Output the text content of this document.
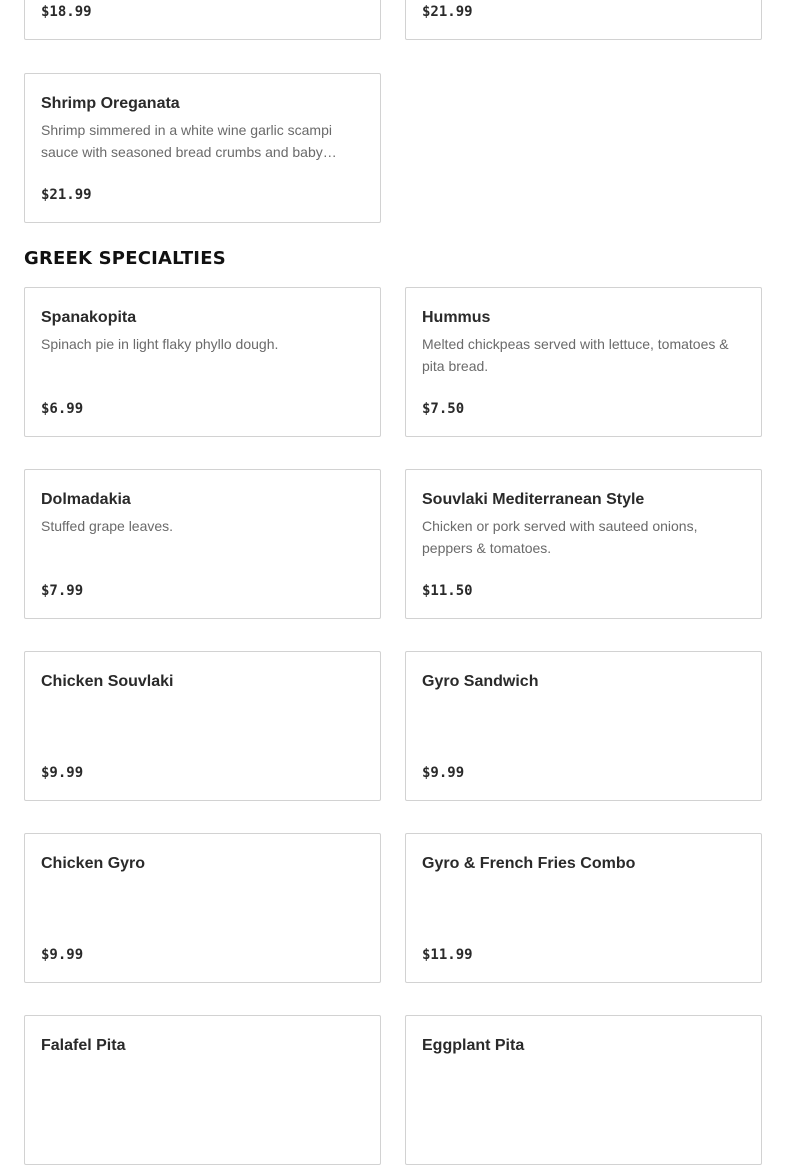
$18.99	$21.99
Shrimp Oreganata
Shrimp simmered in a white wine garlic scampi sauce with seasoned bread crumbs and baby…
$21.99
GREEK SPECIALTIES
Spanakopita
Spinach pie in light flaky phyllo dough.
$6.99
Hummus
Melted chickpeas served with lettuce, tomatoes & pita bread.
$7.50
Dolmadakia
Stuffed grape leaves.
$7.99
Souvlaki Mediterranean Style
Chicken or pork served with sauteed onions, peppers & tomatoes.
$11.50
Chicken Souvlaki
$9.99
Gyro Sandwich
$9.99
Chicken Gyro
$9.99
Gyro & French Fries Combo
$11.99
Falafel Pita	Eggplant Pita
